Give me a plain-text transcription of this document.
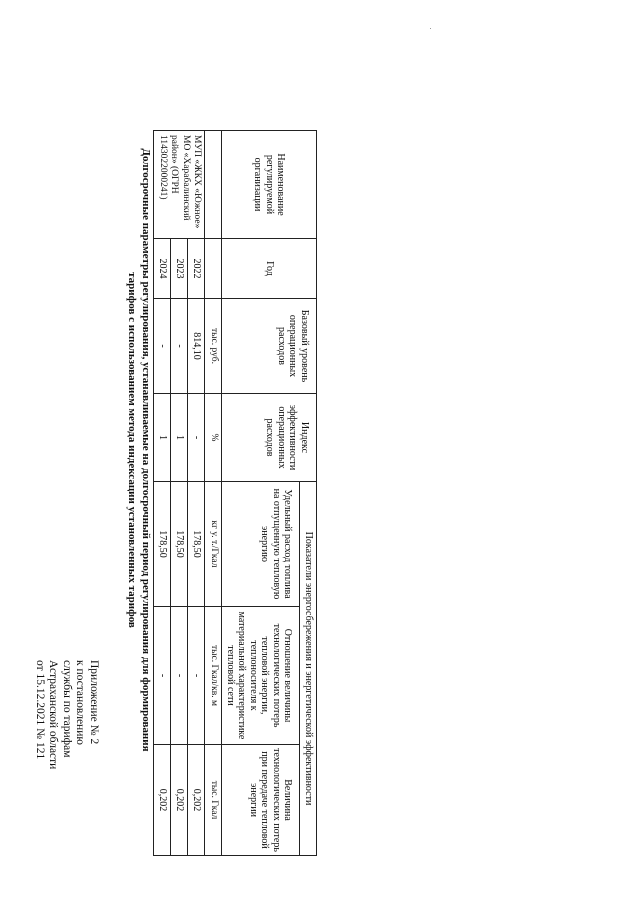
Приложение № 2
к постановлению
службы по тарифам
Астраханской области
от 15.12.2021 № 121	Долгосрочные параметры регулирования, устанавливаемые на долгосрочный период регулирования для формирования
тарифов с использованием метода индексации установленных тарифов
Наименование регулируемой организации	Год	Базовый уровень операционных расходов	Индекс эффективности операционных расходов	Показатели энергосбережения и энергетической эффективности		
				Удельный расход топлива на отпущенную тепловую энергию	Отношение величины технологических потерь тепловой энергии, теплоносителя к материальной характеристике тепловой сети	Величина технологических потерь при передаче тепловой энергии
		тыс. руб.	%	кг у. т./Гкал	тыс. Гкал/кв. м	тыс. Гкал
МУП «ЖКХ «Южное» МО «Харабалинский район» (ОГРН 1143022000241)	2022	814,10	-	178,50	-	0,202
	2023	-	1	178,50	-	0,202
	2024	-	1	178,50	-	0,202
